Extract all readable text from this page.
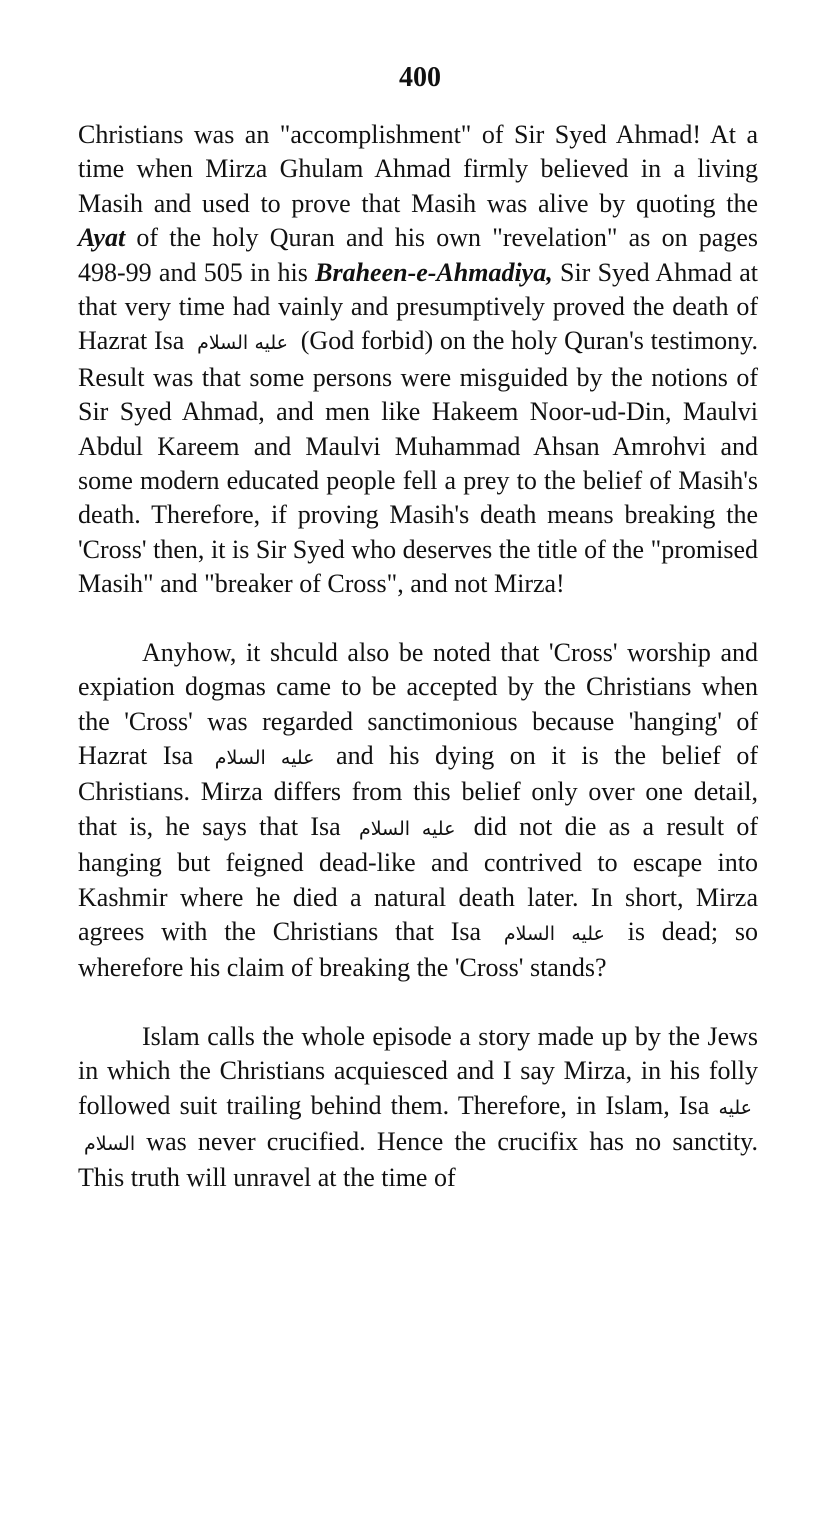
400

Christians was an "accomplishment" of Sir Syed Ahmad! At a time when Mirza Ghulam Ahmad firmly believed in a living Masih and used to prove that Masih was alive by quoting the Ayat of the holy Quran and his own "revelation" as on pages 498-99 and 505 in his Braheen-e-Ahmadiya, Sir Syed Ahmad at that very time had vainly and presumptively proved the death of Hazrat Isa عليه السلام (God forbid) on the holy Quran's testimony. Result was that some persons were misguided by the notions of Sir Syed Ahmad, and men like Hakeem Noor-ud-Din, Maulvi Abdul Kareem and Maulvi Muhammad Ahsan Amrohvi and some modern educated people fell a prey to the belief of Masih's death. Therefore, if proving Masih's death means breaking the 'Cross' then, it is Sir Syed who deserves the title of the "promised Masih" and "breaker of Cross", and not Mirza!

Anyhow, it shculd also be noted that 'Cross' worship and expiation dogmas came to be accepted by the Christians when the 'Cross' was regarded sanctimonious because 'hanging' of Hazrat Isa عليه السلام and his dying on it is the belief of Christians. Mirza differs from this belief only over one detail, that is, he says that Isa عليه السلام did not die as a result of hanging but feigned dead-like and contrived to escape into Kashmir where he died a natural death later. In short, Mirza agrees with the Christians that Isa عليه السلام is dead; so wherefore his claim of breaking the 'Cross' stands?

Islam calls the whole episode a story made up by the Jews in which the Christians acquiesced and I say Mirza, in his folly followed suit trailing behind them. Therefore, in Islam, Isa عليه السلام was never crucified. Hence the crucifix has no sanctity. This truth will unravel at the time of
